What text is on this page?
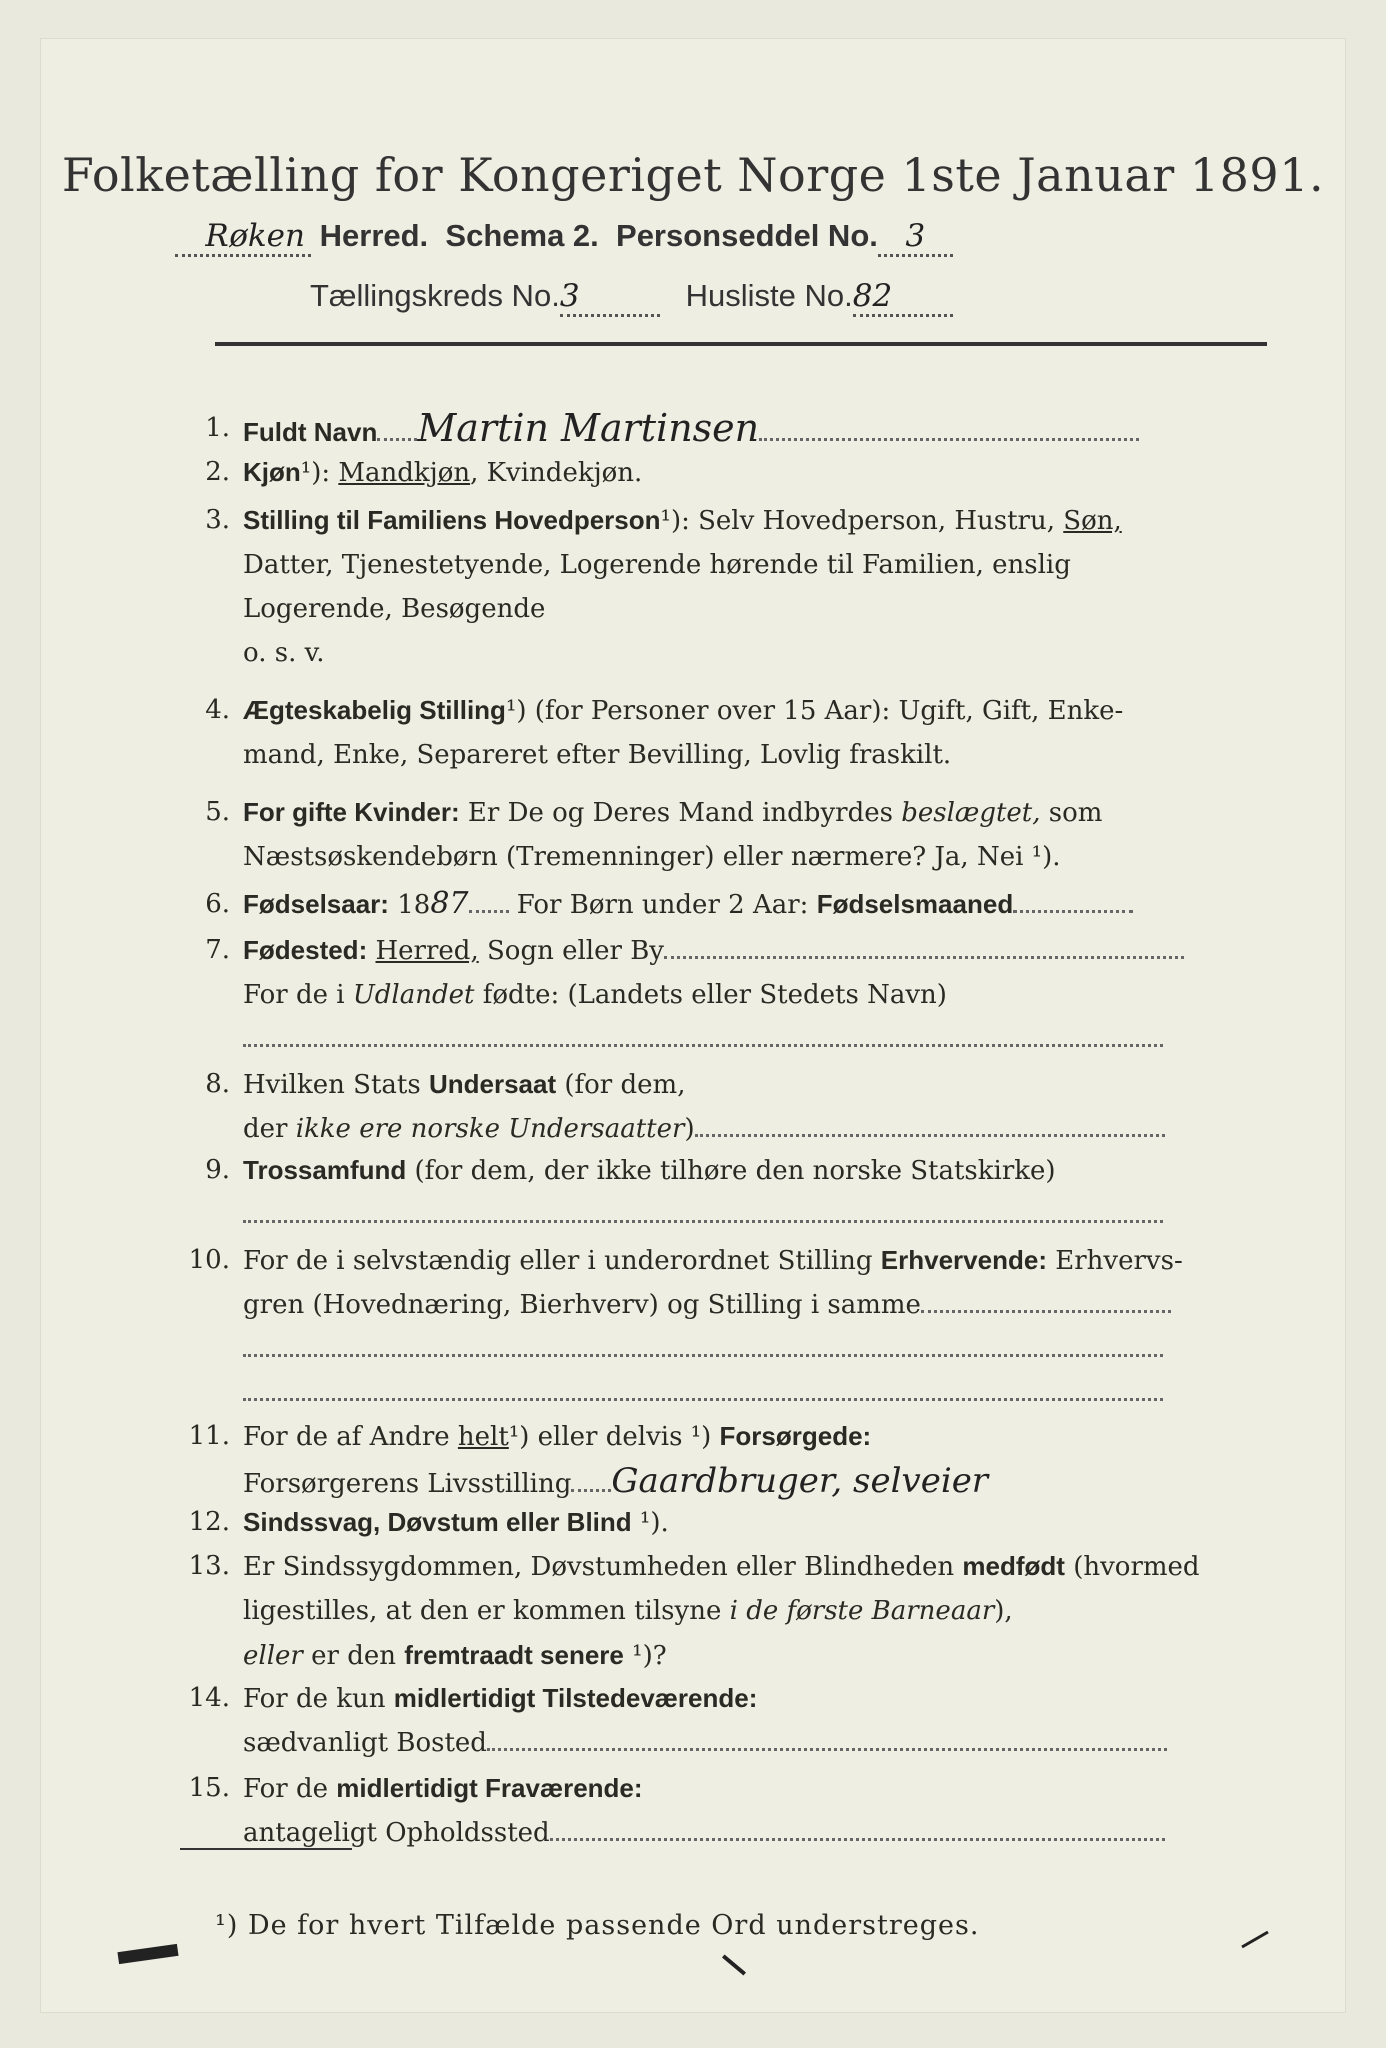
Folketælling for Kongeriget Norge 1ste Januar 1891.
Røken Herred. Schema 2. Personseddel No. 3
Tællingskreds No.3	Husliste No.82
1. Fuldt Navn Martin Martinsen
2. Kjøn¹): Mandkjøn, Kvindekjøn.
3. Stilling til Familiens Hovedperson¹): Selv Hovedperson, Hustru, Søn,
Datter, Tjenestetyende, Logerende hørende til Familien, enslig
Logerende, Besøgende
o. s. v.
4. Ægteskabelig Stilling¹) (for Personer over 15 Aar): Ugift, Gift, Enke-
mand, Enke, Separeret efter Bevilling, Lovlig fraskilt.
5. For gifte Kvinder: Er De og Deres Mand indbyrdes beslægtet, som
Næstsøskendebørn (Tremenninger) eller nærmere? Ja, Nei ¹).
6. Fødselsaar: 1887 For Børn under 2 Aar: Fødselsmaaned
7. Fødested: Herred, Sogn eller By
For de i Udlandet fødte: (Landets eller Stedets Navn)

8. Hvilken Stats Undersaat (for dem,
der ikke ere norske Undersaatter)
9. Trossamfund (for dem, der ikke tilhøre den norske Statskirke)

10. For de i selvstændig eller i underordnet Stilling Erhvervende: Erhvervs-
gren (Hovednæring, Bierhverv) og Stilling i samme

11. For de af Andre helt¹) eller delvis ¹) Forsørgede:
Forsørgerens Livsstilling Gaardbruger, selveier
12. Sindssvag, Døvstum eller Blind ¹).
13. Er Sindssygdommen, Døvstumheden eller Blindheden medfødt (hvormed
ligestilles, at den er kommen tilsyne i de første Barneaar),
eller er den fremtraadt senere ¹)?
14. For de kun midlertidigt Tilstedeværende:
sædvanligt Bosted
15. For de midlertidigt Fraværende:
antageligt Opholdssted
¹) De for hvert Tilfælde passende Ord understreges.
